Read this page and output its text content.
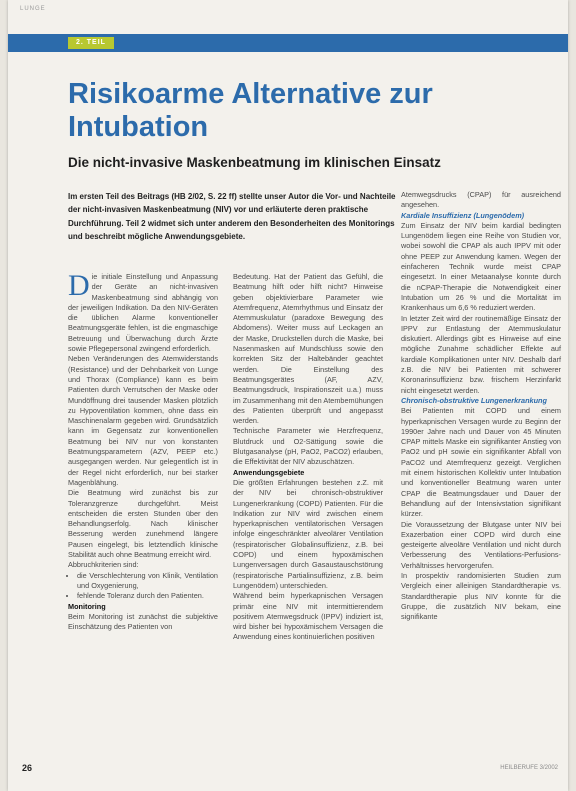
LUNGE
2. TEIL
Risikoarme Alternative zur Intubation
Die nicht-invasive Maskenbeatmung im klinischen Einsatz

Im ersten Teil des Beitrags (HB 2/02, S. 22 ff) stellte unser Autor die Vor- und Nachteile der nicht-invasiven Maskenbeatmung (NIV) vor und erläuterte deren praktische Durchführung. Teil 2 widmet sich unter anderem den Besonderheiten des Monitorings und beschreibt mögliche Anwendungsgebiete.

Die initiale Einstellung und Anpassung der Geräte an nicht-invasiven Maskenbeatmung sind abhängig von der jeweiligen Indikation. Da den NIV-Geräten die üblichen Alarme konventioneller Beatmungsgeräte fehlen, ist die engmaschige Betreuung und Überwachung durch Ärzte sowie Pflegepersonal zwingend erforderlich.

Neben Veränderungen des Atemwiderstands (Resistance) und der Dehnbarkeit von Lunge und Thorax (Compliance) kann es beim Patienten durch Verrutschen der Maske oder Mundöffnung drei tausender Masken plötzlich zu Hypoventilation kommen, ohne dass ein Maschinenalarm gegeben wird. Grundsätzlich kann im Gegensatz zur konventionellen Beatmung bei NIV nur von konstanten Beatmungsparametern (AZV, PEEP etc.) ausgegangen werden. Nur gelegentlich ist in der Regel nicht erforderlich, nur bei starker Magenblähung.

Die Beatmung wird zunächst bis zur Toleranzgrenze durchgeführt. Meist entscheiden die ersten Stunden über den Behandlungserfolg. Nach klinischer Besserung werden zunehmend längere Pausen eingelegt, bis letztendlich klinische Stabilität auch ohne Beatmung erreicht wird.

Abbruchkriterien sind:

• die Verschlechterung von Klinik, Ventilation und Oxygenierung,
• fehlende Toleranz durch den Patienten.

Monitoring

Beim Monitoring ist zunächst die subjektive Einschätzung des Patienten von

Bedeutung. Hat der Patient das Gefühl, die Beatmung hilft oder hilft nicht? Hinweise geben objektivierbare Parameter wie Atemfrequenz, Atemrhythmus und Einsatz der Atemmuskulatur (paradoxe Bewegung des Abdomens). Weiter muss auf Leckagen an der Maske, Druckstellen durch die Maske, bei Nasenmasken auf Mundschluss sowie den korrekten Sitz der Haltebänder geachtet werden. Die Einstellung des Beatmungsgerätes (AF, AZV, Beatmungsdruck, Inspirationszeit u.a.) muss im Zusammenhang mit den Atembemühungen des Patienten überprüft und angepasst werden.

Technische Parameter wie Herzfrequenz, Blutdruck und O2-Sättigung sowie die Blutgasanalyse (pH, PaO2, PaCO2) erlauben, die Effektivität der NIV abzuschätzen.

Anwendungsgebiete

Die größten Erfahrungen bestehen z.Z. mit der NIV bei chronisch-obstruktiver Lungenerkrankung (COPD) Patienten. Für die Indikation zur NIV wird zwischen einem hyperkapnischen ventilatorischen Versagen infolge eingeschränkter alveolärer Ventilation (respiratorischer Globalinsuffizienz, z.B. bei COPD) und einem hypoxämischen Lungenversagen durch Gasaustauschstörung (respiratorische Partialinsuffizienz, z.B. beim Lungenödem) unterschieden.

Während beim hyperkapnischen Versagen primär eine NIV mit intermittierendem positivem Atemwegsdruck (IPPV) indiziert ist, wird bisher bei hypoxämischem Versagen die Anwendung eines kontinuierlichen positiven

Atemwegsdrucks (CPAP) für ausreichend angesehen.

Kardiale Insuffizienz (Lungenödem)

Zum Einsatz der NIV beim kardial bedingten Lungenödem liegen eine Reihe von Studien vor, wobei sowohl die CPAP als auch IPPV mit oder ohne PEEP zur Anwendung kamen. Wegen der einfacheren Technik wurde meist CPAP eingesetzt. In einer Metaanalyse konnte durch die nCPAP-Therapie die Notwendigkeit einer Intubation um 26 % und die Mortalität im Krankenhaus um 6,6 % reduziert werden.

In letzter Zeit wird der routinemäßige Einsatz der IPPV zur Entlastung der Atemmuskulatur diskutiert. Allerdings gibt es Hinweise auf eine mögliche Zunahme schädlicher Effekte auf kardiale Komplikationen unter NIV. Deshalb darf z.B. die NIV bei Patienten mit schwerer Koronarinsuffizienz bzw. frischem Herzinfarkt nicht eingesetzt werden.

Chronisch-obstruktive Lungenerkrankung

Bei Patienten mit COPD und einem hyperkapnischen Versagen wurde zu Beginn der 1990er Jahre nach und Dauer von 45 Minuten CPAP mittels Maske ein signifikanter Anstieg von PaO2 und pH sowie ein signifikanter Abfall von PaCO2 und Atemfrequenz gezeigt. Verglichen mit einem historischen Kollektiv unter Intubation und konventioneller Beatmung waren unter CPAP die Beatmungsdauer und Dauer der Behandlung auf der Intensivstation signifikant kürzer.

Die Voraussetzung der Blutgase unter NIV bei Exazerbation einer COPD wird durch eine gesteigerte alveoläre Ventilation und nicht durch Verbesserung des Ventilations-Perfusions-Verhältnisses hervorgerufen.

In prospektiv randomisierten Studien zum Vergleich einer alleinigen Standardtherapie vs. Standardtherapie plus NIV konnte für die Gruppe, die zusätzlich NIV bekam, eine signifikante

26	HEILBERUFE 3/2002
